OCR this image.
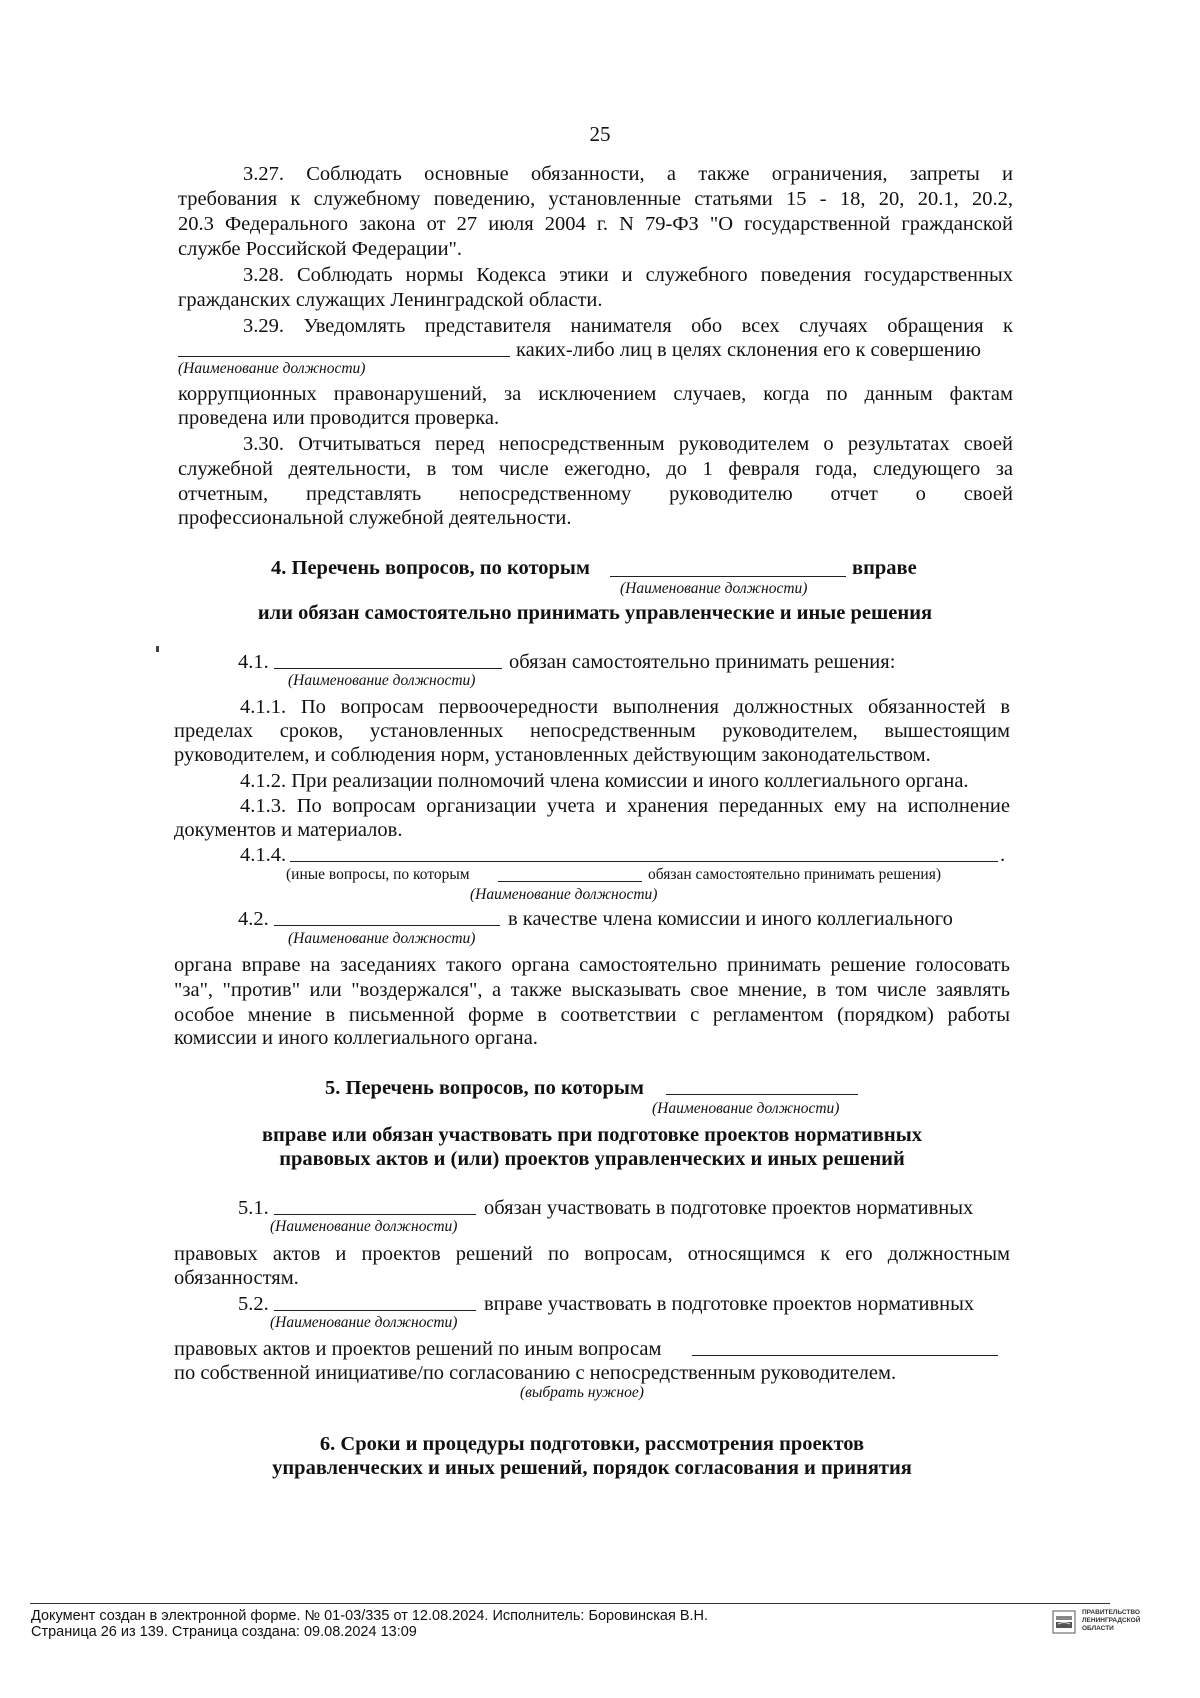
25
3.27. Соблюдать основные обязанности, а также ограничения, запреты и
требования к служебному поведению, установленные статьями 15 - 18, 20, 20.1, 20.2,
20.3 Федерального закона от 27 июля 2004 г. N 79-ФЗ "О государственной гражданской
службе Российской Федерации".
3.28. Соблюдать нормы Кодекса этики и служебного поведения государственных
гражданских служащих Ленинградской области.
3.29. Уведомлять представителя нанимателя обо всех случаях обращения к
каких-либо лиц в целях склонения его к совершению
(Наименование должности)
коррупционных правонарушений, за исключением случаев, когда по данным фактам
проведена или проводится проверка.
3.30. Отчитываться перед непосредственным руководителем о результатах своей
служебной деятельности, в том числе ежегодно, до 1 февраля года, следующего за
отчетным, представлять непосредственному руководителю отчет о своей
профессиональной служебной деятельности.
4. Перечень вопросов, по которым	вправе
(Наименование должности)
или обязан самостоятельно принимать управленческие и иные решения
4.1.	обязан самостоятельно принимать решения:
(Наименование должности)
4.1.1. По вопросам первоочередности выполнения должностных обязанностей в
пределах сроков, установленных непосредственным руководителем, вышестоящим
руководителем, и соблюдения норм, установленных действующим законодательством.
4.1.2. При реализации полномочий члена комиссии и иного коллегиального органа.
4.1.3. По вопросам организации учета и хранения переданных ему на исполнение
документов и материалов.
4.1.4.	.
(иные вопросы, по которым	обязан самостоятельно принимать решения)
(Наименование должности)
4.2.	в качестве члена комиссии и иного коллегиального
(Наименование должности)
органа вправе на заседаниях такого органа самостоятельно принимать решение голосовать
"за", "против" или "воздержался", а также высказывать свое мнение, в том числе заявлять
особое мнение в письменной форме в соответствии с регламентом (порядком) работы
комиссии и иного коллегиального органа.
5. Перечень вопросов, по которым
(Наименование должности)
вправе или обязан участвовать при подготовке проектов нормативных
правовых актов и (или) проектов управленческих и иных решений
5.1.	обязан участвовать в подготовке проектов нормативных
(Наименование должности)
правовых актов и проектов решений по вопросам, относящимся к его должностным
обязанностям.
5.2.	вправе участвовать в подготовке проектов нормативных
(Наименование должности)
правовых актов и проектов решений по иным вопросам
по собственной инициативе/по согласованию с непосредственным руководителем.
(выбрать нужное)
6. Сроки и процедуры подготовки, рассмотрения проектов
управленческих и иных решений, порядок согласования и принятия
Документ создан в электронной форме. № 01-03/335 от 12.08.2024. Исполнитель: Боровинская В.Н.
Страница 26 из 139. Страница создана: 09.08.2024 13:09
ПРАВИТЕЛЬСТВО
ЛЕНИНГРАДСКОЙ
ОБЛАСТИ
